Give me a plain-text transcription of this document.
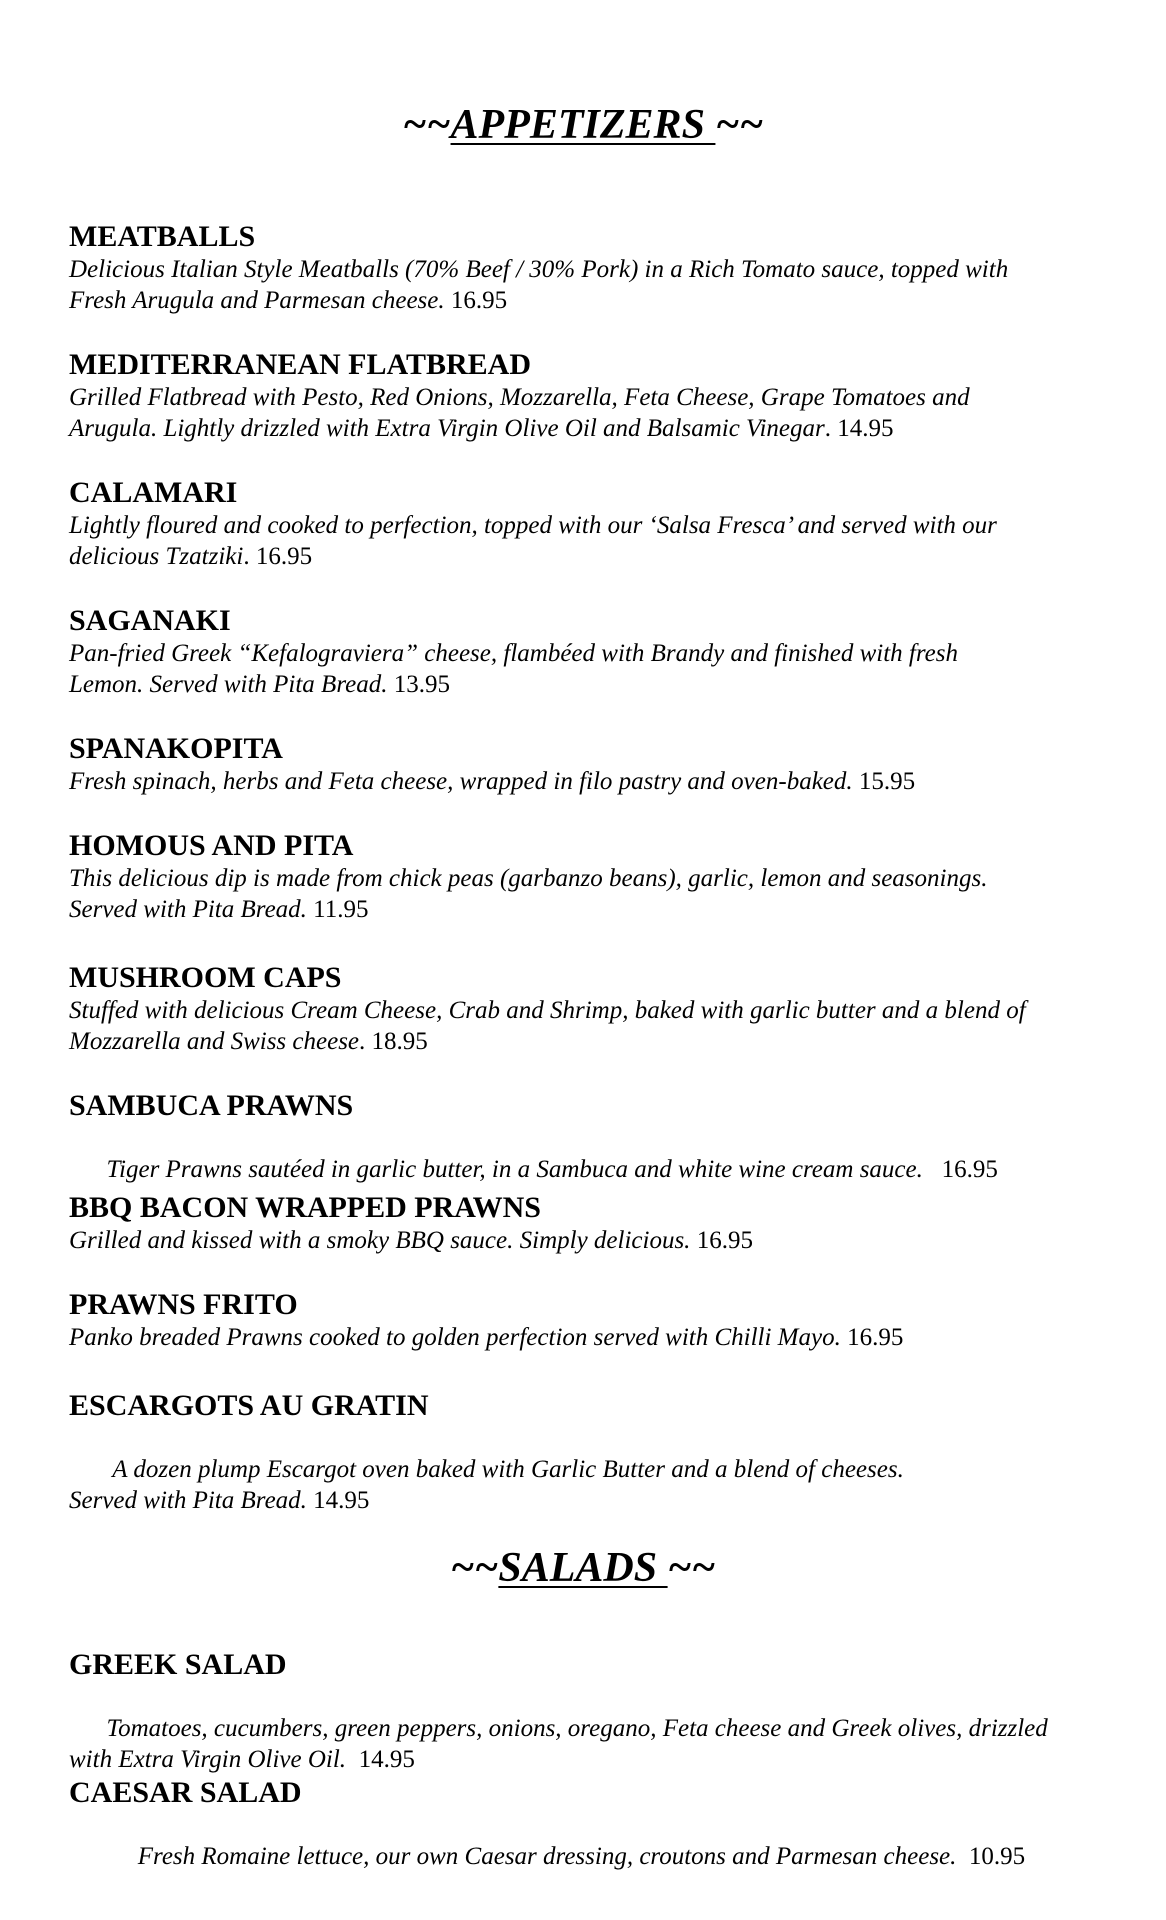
~~APPETIZERS ~~
MEATBALLS
Delicious Italian Style Meatballs (70% Beef / 30% Pork) in a Rich Tomato sauce, topped with
Fresh Arugula and Parmesan cheese. 16.95
MEDITERRANEAN FLATBREAD
Grilled Flatbread with Pesto, Red Onions, Mozzarella, Feta Cheese, Grape Tomatoes and
Arugula. Lightly drizzled with Extra Virgin Olive Oil and Balsamic Vinegar. 14.95
CALAMARI
Lightly floured and cooked to perfection, topped with our ‘Salsa Fresca’ and served with our
delicious Tzatziki. 16.95
SAGANAKI
Pan-fried Greek “Kefalograviera” cheese, flambéed with Brandy and finished with fresh
Lemon. Served with Pita Bread. 13.95
SPANAKOPITA
Fresh spinach, herbs and Feta cheese, wrapped in filo pastry and oven-baked. 15.95
HOMOUS AND PITA
This delicious dip is made from chick peas (garbanzo beans), garlic, lemon and seasonings.
Served with Pita Bread. 11.95
MUSHROOM CAPS
Stuffed with delicious Cream Cheese, Crab and Shrimp, baked with garlic butter and a blend of
Mozzarella and Swiss cheese. 18.95
SAMBUCA PRAWNS

Tiger Prawns sautéed in garlic butter, in a Sambuca and white wine cream sauce.   16.95

BBQ BACON WRAPPED PRAWNS
Grilled and kissed with a smoky BBQ sauce. Simply delicious. 16.95
PRAWNS FRITO
Panko breaded Prawns cooked to golden perfection served with Chilli Mayo. 16.95
ESCARGOTS AU GRATIN

A dozen plump Escargot oven baked with Garlic Butter and a blend of cheeses.
Served with Pita Bread. 14.95

~~SALADS ~~
GREEK SALAD

Tomatoes, cucumbers, green peppers, onions, oregano, Feta cheese and Greek olives, drizzled
with Extra Virgin Olive Oil.  14.95

CAESAR SALAD

Fresh Romaine lettuce, our own Caesar dressing, croutons and Parmesan cheese.  10.95
